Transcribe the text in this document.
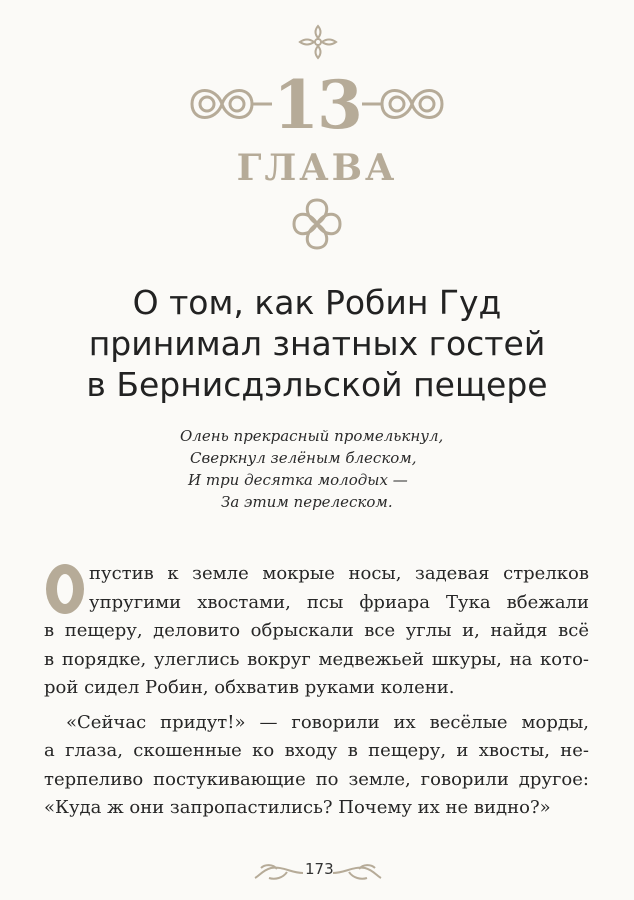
13
ГЛАВА
О том, как Робин Гуд
принимал знатных гостей
в Бернисдэльской пещере
Олень прекрасный промелькнул,
Сверкнул зелёным блеском,
И три десятка молодых —
За этим перелеском.
пустив к земле мокрые носы, задевая стрелков
упругими хвостами, псы фриара Тука вбежали
в пещеру, деловито обрыскали все углы и, найдя всё
в порядке, улеглись вокруг медвежьей шкуры, на кото-
рой сидел Робин, обхватив руками колени.
«Сейчас придут!» — говорили их весёлые морды,
а глаза, скошенные ко входу в пещеру, и хвосты, не-
терпеливо постукивающие по земле, говорили другое:
«Куда ж они запропастились? Почему их не видно?»
173
